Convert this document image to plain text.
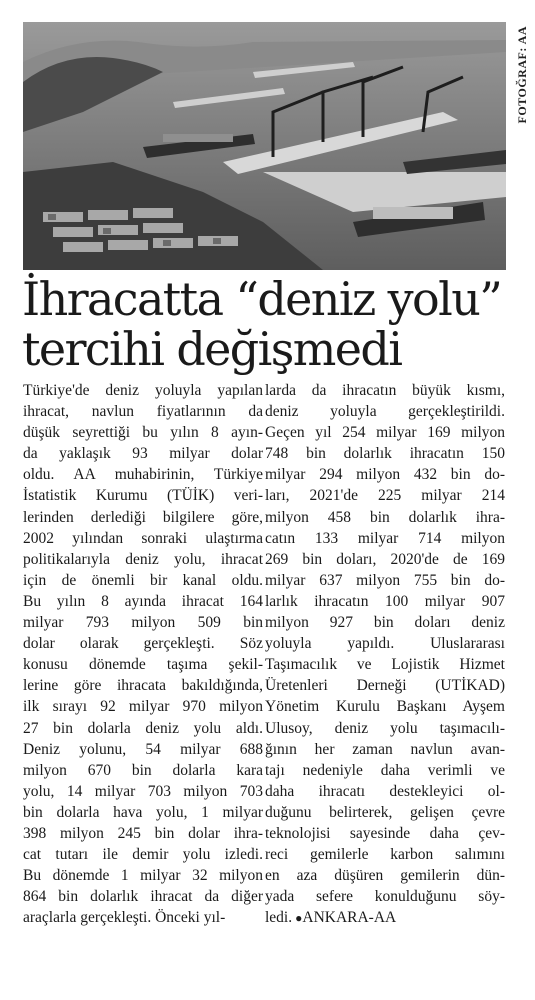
FOTOĞRAF: AA
İhracatta “deniz yolu”
tercihi değişmedi
Türkiye'de deniz yoluyla yapılan
ihracat, navlun fiyatlarının da
düşük seyrettiği bu yılın 8 ayın-
da yaklaşık 93 milyar dolar
oldu. AA muhabirinin, Türkiye
İstatistik Kurumu (TÜİK) veri-
lerinden derlediği bilgilere göre,
2002 yılından sonraki ulaştırma
politikalarıyla deniz yolu, ihracat
için de önemli bir kanal oldu.
Bu yılın 8 ayında ihracat 164
milyar 793 milyon 509 bin
dolar olarak gerçekleşti. Söz
konusu dönemde taşıma şekil-
lerine göre ihracata bakıldığında,
ilk sırayı 92 milyar 970 milyon
27 bin dolarla deniz yolu aldı.
Deniz yolunu, 54 milyar 688
milyon 670 bin dolarla kara
yolu, 14 milyar 703 milyon 703
bin dolarla hava yolu, 1 milyar
398 milyon 245 bin dolar ihra-
cat tutarı ile demir yolu izledi.
Bu dönemde 1 milyar 32 milyon
864 bin dolarlık ihracat da diğer
araçlarla gerçekleşti. Önceki yıl-
larda da ihracatın büyük kısmı,
deniz yoluyla gerçekleştirildi.
Geçen yıl 254 milyar 169 milyon
748 bin dolarlık ihracatın 150
milyar 294 milyon 432 bin do-
ları, 2021'de 225 milyar 214
milyon 458 bin dolarlık ihra-
catın 133 milyar 714 milyon
269 bin doları, 2020'de de 169
milyar 637 milyon 755 bin do-
larlık ihracatın 100 milyar 907
milyon 927 bin doları deniz
yoluyla yapıldı. Uluslararası
Taşımacılık ve Lojistik Hizmet
Üretenleri Derneği (UTİKAD)
Yönetim Kurulu Başkanı Ayşem
Ulusoy, deniz yolu taşımacılı-
ğının her zaman navlun avan-
tajı nedeniyle daha verimli ve
daha ihracatı destekleyici ol-
duğunu belirterek, gelişen çevre
teknolojisi sayesinde daha çev-
reci gemilerle karbon salımını
en aza düşüren gemilerin dün-
yada sefere konulduğunu söy-
ledi. ●ANKARA-AA
